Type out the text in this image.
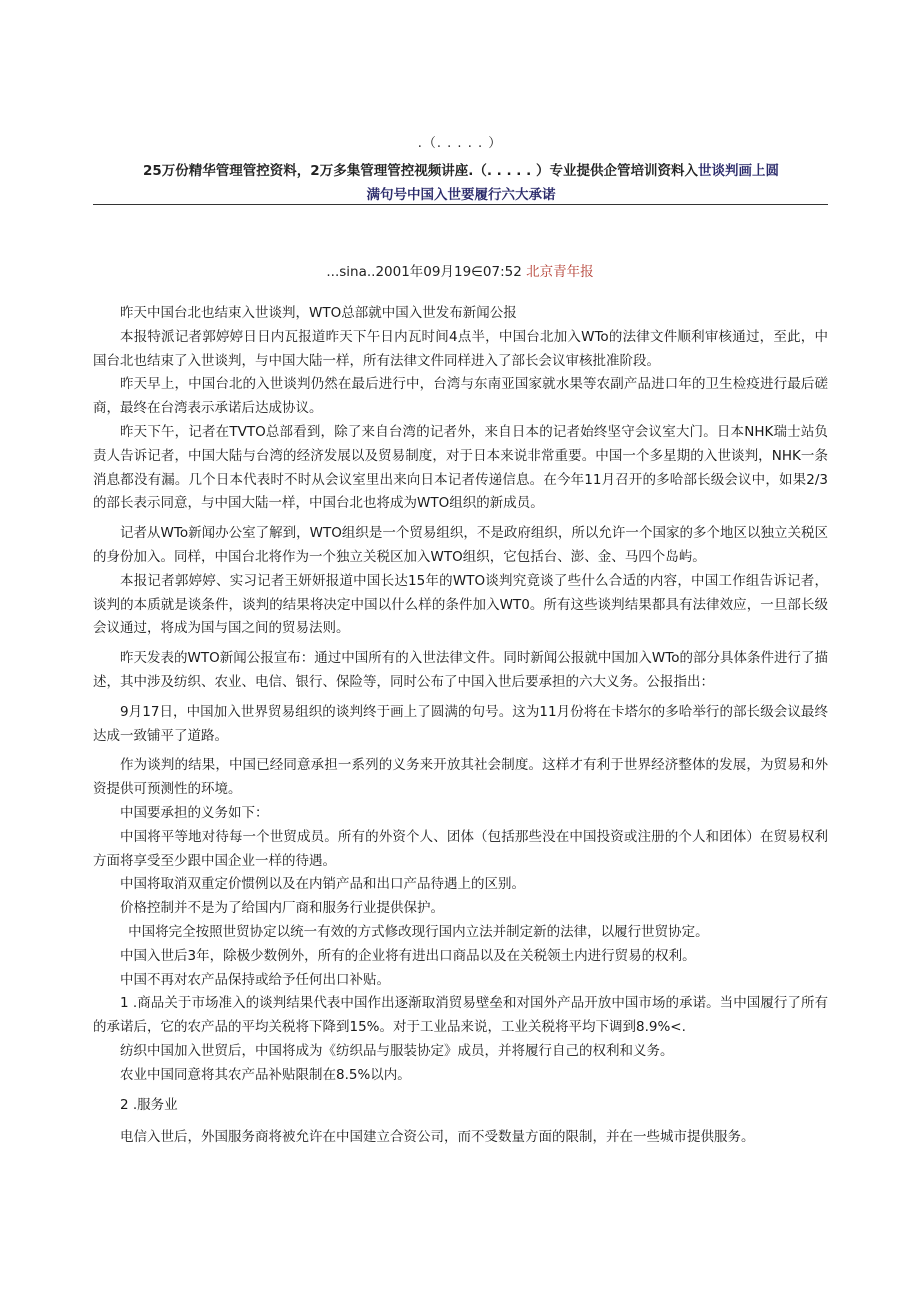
.（. . . . . ）
25万份精华管理管控资料，2万多集管理管控视频讲座.（. . . . . ）专业提供企管培训资料入世谈判画上圆
满句号中国入世要履行六大承诺
...sina..2001年09月19∈07:52 北京青年报

昨天中国台北也结束入世谈判，WTO总部就中国入世发布新闻公报

本报特派记者郭婷婷日日内瓦报道昨天下午日内瓦时间4点半，中国台北加入WTo的法律文件顺利审核通过，至此，中国台北也结束了入世谈判，与中国大陆一样，所有法律文件同样进入了部长会议审核批准阶段。

昨天早上，中国台北的入世谈判仍然在最后进行中，台湾与东南亚国家就水果等农副产品进口年的卫生检疫进行最后磋商，最终在台湾表示承诺后达成协议。

昨天下午，记者在TVTO总部看到，除了来自台湾的记者外，来自日本的记者始终坚守会议室大门。日本NHK瑞士站负责人告诉记者，中国大陆与台湾的经济发展以及贸易制度，对于日本来说非常重要。中国一个多星期的入世谈判，NHK一条消息都没有漏。几个日本代表时不时从会议室里出来向日本记者传递信息。在今年11月召开的多哈部长级会议中，如果2/3的部长表示同意，与中国大陆一样，中国台北也将成为WTO组织的新成员。

记者从WTo新闻办公室了解到，WTO组织是一个贸易组织，不是政府组织，所以允许一个国家的多个地区以独立关税区的身份加入。同样，中国台北将作为一个独立关税区加入WTO组织，它包括台、澎、金、马四个岛屿。

本报记者郭婷婷、实习记者王妍妍报道中国长达15年的WTO谈判究竟谈了些什么合适的内容，中国工作组告诉记者，谈判的本质就是谈条件，谈判的结果将决定中国以什么样的条件加入WT0。所有这些谈判结果都具有法律效应，一旦部长级会议通过，将成为国与国之间的贸易法则。

昨天发表的WTO新闻公报宣布：通过中国所有的入世法律文件。同时新闻公报就中国加入WTo的部分具体条件进行了描述，其中涉及纺织、农业、电信、银行、保险等，同时公布了中国入世后要承担的六大义务。公报指出：

9月17日，中国加入世界贸易组织的谈判终于画上了圆满的句号。这为11月份将在卡塔尔的多哈举行的部长级会议最终达成一致铺平了道路。

作为谈判的结果，中国已经同意承担一系列的义务来开放其社会制度。这样才有利于世界经济整体的发展，为贸易和外资提供可预测性的环境。

中国要承担的义务如下：

中国将平等地对待每一个世贸成员。所有的外资个人、团体（包括那些没在中国投资或注册的个人和团体）在贸易权利方面将享受至少跟中国企业一样的待遇。

中国将取消双重定价惯例以及在内销产品和出口产品待遇上的区别。

价格控制并不是为了给国内厂商和服务行业提供保护。

中国将完全按照世贸协定以统一有效的方式修改现行国内立法并制定新的法律，以履行世贸协定。

中国入世后3年，除极少数例外，所有的企业将有进出口商品以及在关税领土内进行贸易的权利。

中国不再对农产品保持或给予任何出口补贴。

1 .商品关于市场准入的谈判结果代表中国作出逐渐取消贸易壁垒和对国外产品开放中国市场的承诺。当中国履行了所有的承诺后，它的农产品的平均关税将下降到15%。对于工业品来说，工业关税将平均下调到8.9%<.

纺织中国加入世贸后，中国将成为《纺织品与服装协定》成员，并将履行自己的权利和义务。

农业中国同意将其农产品补贴限制在8.5%以内。

2 .服务业

电信入世后，外国服务商将被允许在中国建立合资公司，而不受数量方面的限制，并在一些城市提供服务。
